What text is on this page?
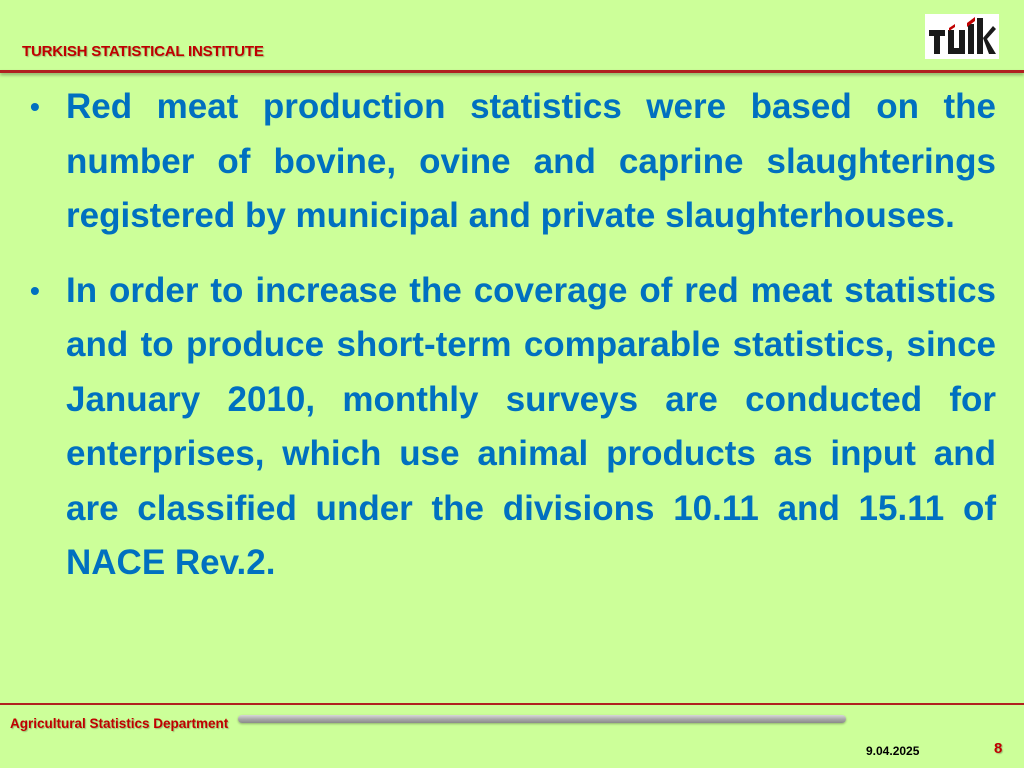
TURKISH STATISTICAL INSTITUTE
• Red meat production statistics were based on the number of bovine, ovine and caprine slaughterings registered by municipal and private slaughterhouses.
• In order to increase the coverage of red meat statistics and to produce short-term comparable statistics, since January 2010, monthly surveys are conducted for enterprises, which use animal products as input and are classified under the divisions 10.11 and 15.11 of NACE Rev.2.
Agricultural Statistics Department
9.04.2025	8
